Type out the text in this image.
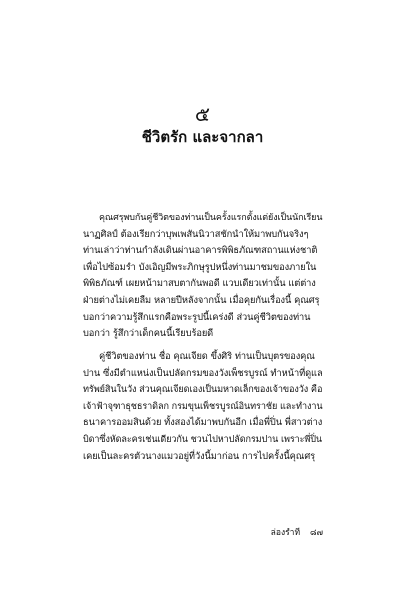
๕
ชีวิตรัก และจากลา
คุณศรุพบกันคู่ชีวิตของท่านเป็นครั้งแรกตั้งแต่ยังเป็นนักเรียน
นาฏศิลป์ ต้องเรียกว่าบุพเพสันนิวาสชักนำให้มาพบกันจริงๆ
ท่านเล่าว่าท่านกำลังเดินผ่านอาคารพิพิธภัณฑสถานแห่งชาติ
เพื่อไปซ้อมรำ บังเอิญมีพระภิกษุรูปหนึ่งท่านมาชมของภายใน
พิพิธภัณฑ์ เผยหน้ามาสบตากันพอดี แวบเดียวเท่านั้น แต่ต่าง
ฝ่ายต่างไม่เคยลืม หลายปีหลังจากนั้น เมื่อคุยกันเรื่องนี้ คุณศรุ
บอกว่าความรู้สึกแรกคือพระรูปนี้เคร่งดี ส่วนคู่ชีวิตของท่าน
บอกว่า รู้สึกว่าเด็กคนนี้เรียบร้อยดี
คู่ชีวิตของท่าน ชื่อ คุณเจียด ขึ้งศิริ ท่านเป็นบุตรของคุณ
ปาน ซึ่งมีตำแหน่งเป็นปลัดกรมของวังเพ็ชรบูรณ์ ทำหน้าที่ดูแล
ทรัพย์สินในวัง ส่วนคุณเจียดเองเป็นมหาดเล็กของเจ้าของวัง คือ
เจ้าฟ้าจุฑาธุชธราดิลก กรมขุนเพ็ชรบูรณ์อินทราชัย และทำงาน
ธนาคารออมสินด้วย ทั้งสองได้มาพบกันอีก เมื่อพี่ปิ่น พี่สาวต่าง
บิดาซึ่งหัดละครเช่นเดียวกัน ชวนไปหาปลัดกรมปาน เพราะพี่ปิ่น
เคยเป็นละครตัวนางแมวอยู่ที่วังนี้มาก่อน การไปครั้งนี้คุณศรุ
ล่องรำที ๘๗
